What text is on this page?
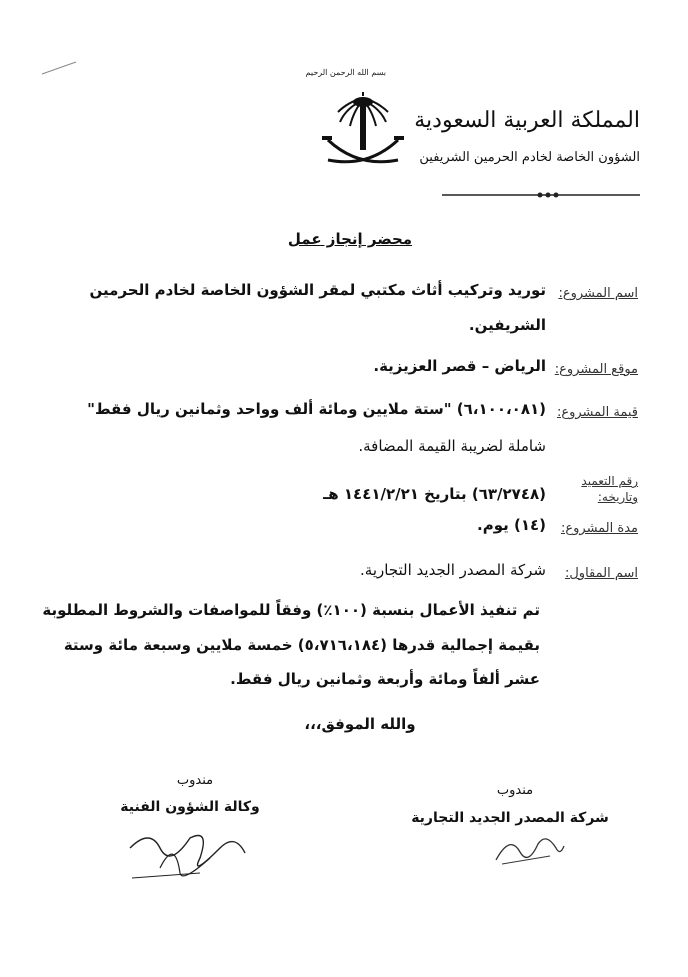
بسم الله الرحمن الرحيم
المملكة العربية السعودية
الشؤون الخاصة لخادم الحرمين الشريفين
محضر إنجاز عمل
اسم المشروع:
توريد وتركيب أثاث مكتبي لمقر الشؤون الخاصة لخادم الحرمين
الشريفين.
موقع المشروع:
الرياض – قصر العزيزية.
قيمة المشروع:
(٦،١٠٠،٠٨١) "ستة ملايين ومائة ألف وواحد وثمانين ريال فقط"
شاملة لضريبة القيمة المضافة.
رقم التعميد
وتاريخه:
(٦٣/٢٧٤٨) بتاريخ ١٤٤١/٢/٢١ هـ
مدة المشروع:
(١٤) يوم.
اسم المقاول:
شركة المصدر الجديد التجارية.
تم تنفيذ الأعمال بنسبة (١٠٠٪) وفقاً للمواصفات والشروط المطلوبة
بقيمة إجمالية قدرها (٥،٧١٦،١٨٤) خمسة ملايين وسبعة مائة وستة
عشر ألفاً ومائة وأربعة وثمانين ريال فقط.
والله الموفق،،،
مندوب
وكالة الشؤون الفنية
مندوب
شركة المصدر الجديد التجارية
